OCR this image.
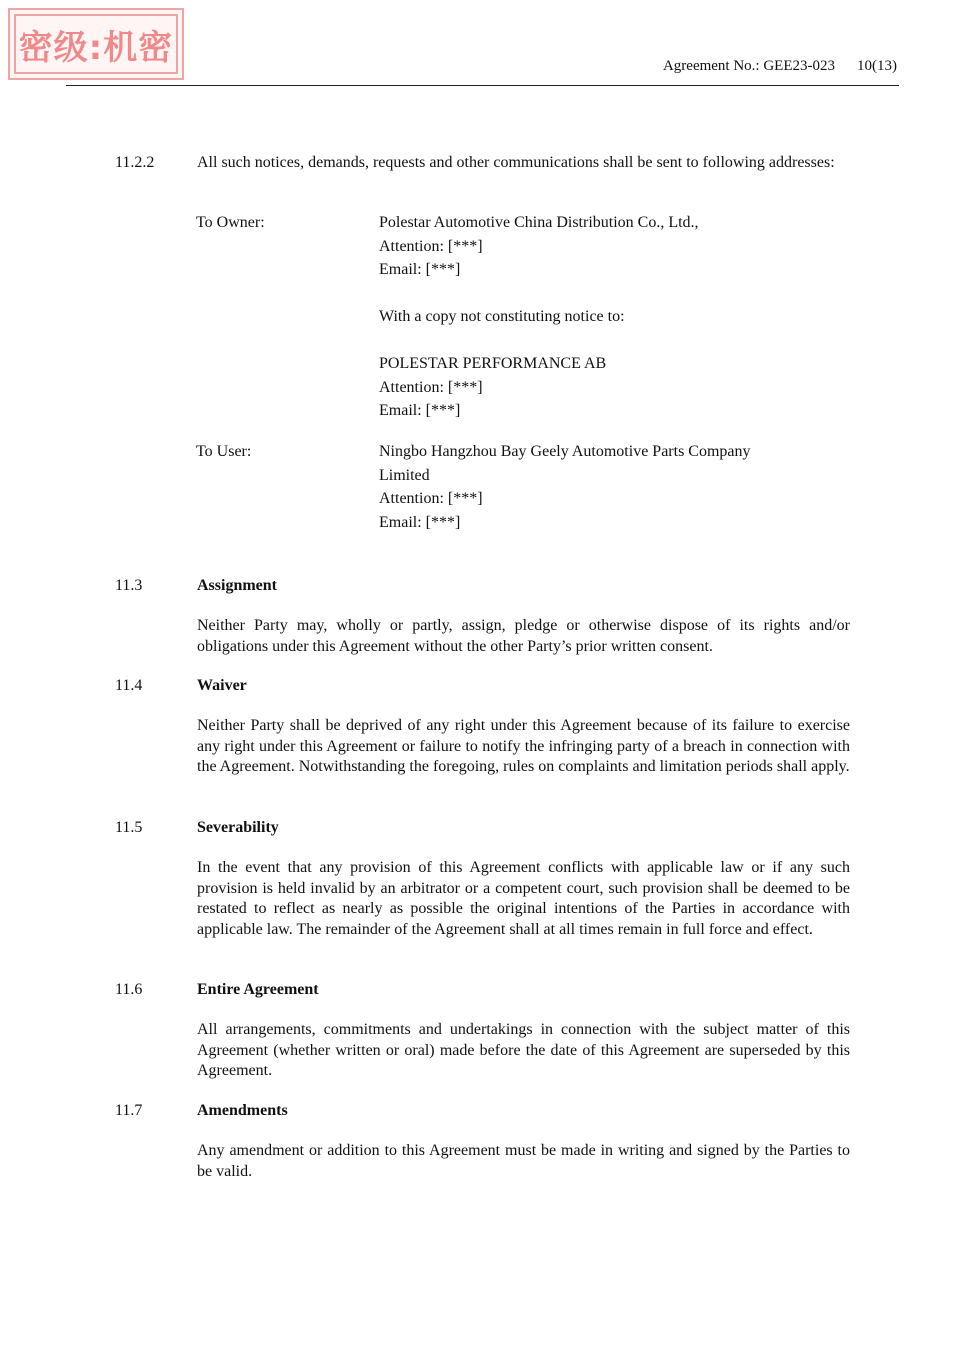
密级:机密	Agreement No.: GEE23-023 10(13)
11.2.2	All such notices, demands, requests and other communications shall be sent to following addresses:
To Owner:	Polestar Automotive China Distribution Co., Ltd.,
Attention: [***]
Email: [***]
With a copy not constituting notice to:
POLESTAR PERFORMANCE AB
Attention: [***]
Email: [***]
To User:	Ningbo Hangzhou Bay Geely Automotive Parts Company
Limited
Attention: [***]
Email: [***]
11.3	Assignment
Neither Party may, wholly or partly, assign, pledge or otherwise dispose of its rights and/or obligations under this Agreement without the other Party’s prior written consent.
11.4	Waiver
Neither Party shall be deprived of any right under this Agreement because of its failure to exercise any right under this Agreement or failure to notify the infringing party of a breach in connection with the Agreement. Notwithstanding the foregoing, rules on complaints and limitation periods shall apply.
11.5	Severability
In the event that any provision of this Agreement conflicts with applicable law or if any such provision is held invalid by an arbitrator or a competent court, such provision shall be deemed to be restated to reflect as nearly as possible the original intentions of the Parties in accordance with applicable law. The remainder of the Agreement shall at all times remain in full force and effect.
11.6	Entire Agreement
All arrangements, commitments and undertakings in connection with the subject matter of this Agreement (whether written or oral) made before the date of this Agreement are superseded by this Agreement.
11.7	Amendments
Any amendment or addition to this Agreement must be made in writing and signed by the Parties to be valid.
